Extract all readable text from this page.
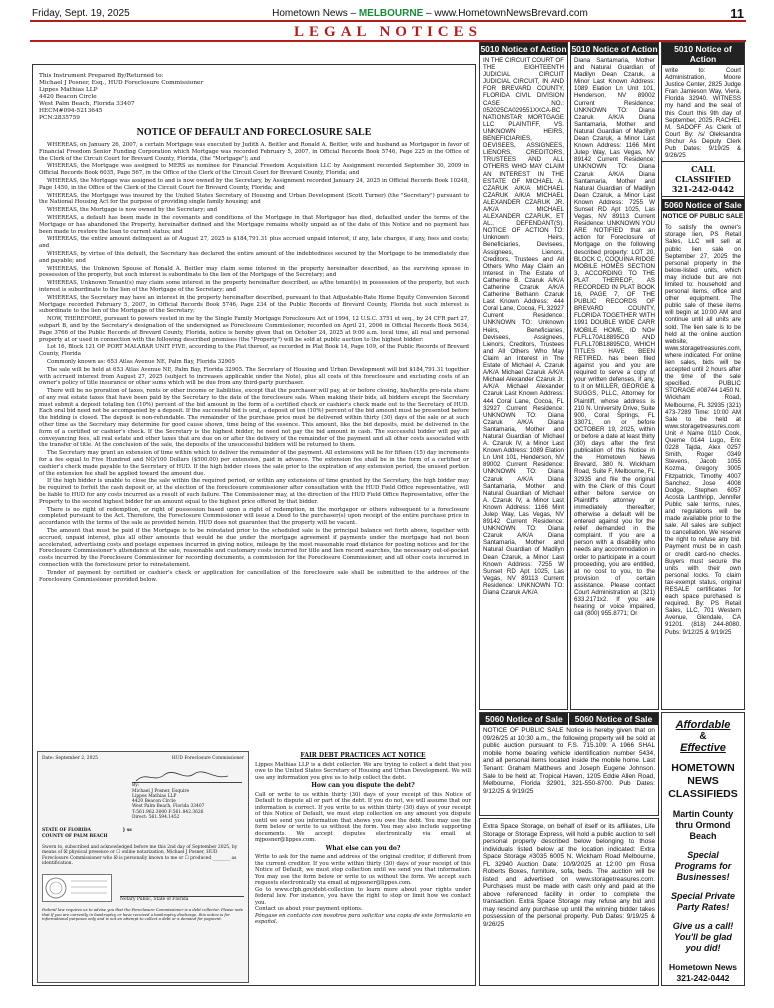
Friday, Sept. 19, 2025	Hometown News – MELBOURNE – www.HometownNewsBrevard.com	11
LEGAL NOTICES
This Instrument Prepared By/Returned to:
Michael J Posner, Esq., HUD Foreclosure Commissioner
Lippes Mathias LLP
4420 Beacon Circle
West Palm Beach, Florida 33407
HECM#094-5213645
PCN:2835759
NOTICE OF DEFAULT AND FORECLOSURE SALE

WHEREAS, on January 26, 2007, a certain Mortgage was executed by Judith A. Beitler and Ronald A. Beitler, wife and husband as Mortgagor in favor of Financial Freedom Senior Funding Corporation which Mortgage was recorded February 5, 2007, in Official Records Book 5746, Page 225 in the Office of the Clerk of the Circuit Court for Brevard County, Florida, (the "Mortgage"); and

WHEREAS, the Mortgage was assigned to MERS as nominee for Financial Freedom Acquisition LLC by Assignment recorded September 30, 2009 in Official Records Book 6035, Page 567, in the Office of the Clerk of the Circuit Court for Brevard County, Florida; and

WHEREAS, the Mortgage was assigned to and is now owned by the Secretary, by Assignment recorded January 24, 2025 in Official Records Book 10248, Page 1450, in the Office of the Clerk of the Circuit Court for Brevard County, Florida; and

WHEREAS, the Mortgage was insured by the United States Secretary of Housing and Urban Development (Scott Turner) (the "Secretary") pursuant to the National Housing Act for the purpose of providing single family housing; and

WHEREAS, the Mortgage is now owned by the Secretary; and

WHEREAS, a default has been made in the covenants and conditions of the Mortgage in that Mortgagor has died, defaulted under the terms of the Mortgage or has abandoned the Property, hereinafter defined and the Mortgage remains wholly unpaid as of the date of this Notice and no payment has been made to restore the loan to current status; and

WHEREAS, the entire amount delinquent as of August 27, 2025 is $184,791.31 plus accrued unpaid interest, if any, late charges, if any, fees and costs; and

WHEREAS, by virtue of this default, the Secretary has declared the entire amount of the indebtedness secured by the Mortgage to be immediately due and payable; and

WHEREAS, the Unknown Spouse of Ronald A. Beitler may claim some interest in the property hereinafter described, as the surviving spouse in possession of the property, but such interest is subordinate to the lien of the Mortgage of the Secretary; and

WHEREAS, Unknown Tenant(s) may claim some interest in the property hereinafter described, as a/the tenant(s) in possession of the property, but such interest is subordinate to the lien of the Mortgage of the Secretary; and

WHEREAS, the Secretary may have an interest in the property hereinafter described, pursuant to that Adjustable-Rate Home Equity Conversion Second Mortgage recorded February 5, 2007, in Official Records Book 5746, Page 234 of the Public Records of Brevard County, Florida but such interest is subordinate to the lien of the Mortgage of the Secretary;

NOW, THEREFORE, pursuant to powers vested in me by the Single Family Mortgage Foreclosure Act of 1994, 12 U.S.C. 3751 et seq., by 24 CFR part 27, subpart B, and by the Secretary's designation of the undersigned as Foreclosure Commissioner, recorded on April 21, 2006 in Official Records Book 5634, Page 3766 of the Public Records of Brevard County, Florida, notice is hereby given that on October 24, 2025 at 9:00 a.m. local time, all real and personal property at or used in connection with the following described premises (the "Property") will be sold at public auction to the highest bidder:

Lot 16, Block 121 OF PORT MALABAR UNIT FIVE, according to the Plat thereof, as recorded in Plat Book 14, Page 109, of the Public Records of Brevard County, Florida

Commonly known as: 653 Atlas Avenue NE, Palm Bay, Florida 32905

The sale will be held at 653 Atlas Avenue NE, Palm Bay, Florida 32905. The Secretary of Housing and Urban Development will bid $184,791.31 together with accrued interest from August 27, 2025 (subject to increases applicable under the Note), plus all costs of this foreclosure and excluding costs of an owner's policy of title insurance or other sums which will be due from any third-party purchaser.

There will be no proration of taxes, rents or other income or liabilities, except that the purchaser will pay, at or before closing, his/her/its pro-rata share of any real estate taxes that have been paid by the Secretary to the date of the foreclosure sale. When making their bids, all bidders except the Secretary must submit a deposit totaling ten (10%) percent of the bid amount in the form of a certified check or cashier's check made out to the Secretary of HUD. Each oral bid need not be accompanied by a deposit. If the successful bid is oral, a deposit of ten (10%) percent of the bid amount must be presented before the bidding is closed. The deposit is non-refundable. The remainder of the purchase price must be delivered within thirty (30) days of the sale or at such other time as the Secretary may determine for good cause shown, time being of the essence. This amount, like the bid deposits, must be delivered in the form of a certified or cashier's check. If the Secretary is the highest bidder, he need not pay the bid amount in cash. The successful bidder will pay all conveyancing fees, all real estate and other taxes that are due on or after the delivery of the remainder of the payment and all other costs associated with the transfer of title. At the conclusion of the sale, the deposits of the unsuccessful bidders will be returned to them.

The Secretary may grant an extension of time within which to deliver the remainder of the payment. All extensions will be for fifteen (15) day increments for a fee equal to Five Hundred and NO/100 Dollars ($500.00) per extension, paid in advance. The extension fee shall be in the form of a certified or cashier's check made payable to the Secretary of HUD. If the high bidder closes the sale prior to the expiration of any extension period, the unused portion of the extension fee shall be applied toward the amount due.

If the high bidder is unable to close the sale within the required period, or within any extensions of time granted by the Secretary, the high bidder may be required to forfeit the cash deposit or, at the election of the foreclosure commissioner after consultation with the HUD Field Office representative, will be liable to HUD for any costs incurred as a result of such failure. The Commissioner may, at the direction of the HUD Field Office Representative, offer the Property to the second highest bidder for an amount equal to the highest price offered by that bidder.

There is no right of redemption, or right of possession based upon a right of redemption, in the mortgagor or others subsequent to a foreclosure completed pursuant to the Act. Therefore, the Foreclosure Commissioner will issue a Deed to the purchaser(s) upon receipt of the entire purchase price in accordance with the terms of the sale as provided herein. HUD does not guarantee that the property will be vacant.

The amount that must be paid if the Mortgage is to be reinstated prior to the scheduled sale is the principal balance set forth above, together with accrued, unpaid interest, plus all other amounts that would be due under the mortgage agreement if payments under the mortgage had not been accelerated, advertising costs and postage expenses incurred in giving notice, mileage by the most reasonable road distance for posting notices and for the Foreclosure Commissioner's attendance at the sale, reasonable and customary costs incurred for title and lien record searches, the necessary out-of-pocket costs incurred by the Foreclosure Commissioner for recording documents, a commission for the Foreclosure Commissioner, and all other costs incurred in connection with the foreclosure prior to reinstatement.

Tender of payment by certified or cashier's check or application for cancellation of the foreclosure sale shall be submitted to the address of the Foreclosure Commissioner provided below.

Date: September 2, 2025	HUD Foreclosure Commissioner
By:
Michael J Posner, Esquire
Lippes Mathias LLP
4420 Beacon Circle
West Palm Beach, Florida 33407
T:561.962.3000 F:561.842.3626
Direct: 561.594.1452
STATE OF FLORIDA	} ss
COUNTY OF PALM BEACH
Sworn to, subscribed and acknowledged before me this 2nd day of September 2025, by means of ☒ physical presence or ☐ online notarization, Michael J Posner, HUD Foreclosure Commissioner who ☒ is personally known to me or ☐ produced ________ as identification.
Notary Public, State of Florida
Federal law requires us to advise you that the Foreclosure Commissioner is a debt collector. Please note that if you are currently in bankruptcy or have received a bankruptcy discharge, this notice is for informational purposes only and is not an attempt to collect a debt or a demand for payment.
FAIR DEBT PRACTICES ACT NOTICE

Lippes Mathias LLP is a debt collector. We are trying to collect a debt that you owe to the United States Secretary of Housing and Urban Development. We will use any information you give us to help collect the debt.

How can you dispute the debt?

Call or write to us within thirty (30) days of your receipt of this Notice of Default to dispute all or part of the debt. If you do not, we will assume that our information is correct. If you write to us within thirty (30) days of your receipt of this Notice of Default, we must stop collection on any amount you dispute until we send you information that shows you owe the debt. You may use the form below or write to us without the form. You may also include supporting documents. We accept disputes electronically via email at mjposner@lippes.com.

What else can you do?

Write to ask for the name and address of the original creditor, if different from the current creditor. If you write within thirty (30) days of your receipt of this Notice of Default, we must stop collection until we send you that information. You may use the form below or write to us without the form. We accept such requests electronically via email at mjposner@lippes.com.

Go to www.cfpb.gov/debt-collection to learn more about your rights under federal law. For instance, you have the right to stop or limit how we contact you.

Contact us about your payment options.

Póngase en contacto con nosotros para solicitar una copia de este formulario en español.

5010 Notice of Action
IN THE CIRCUIT COURT OF THE EIGHTEENTH JUDICIAL CIRCUIT JUDICIAL CIRCUIT, IN AND FOR BREVARD COUNTY, FLORIDA CIVIL DIVISION CASE NO.: 052025CA029551XXCA-BC NATIONSTAR MORTGAGE LLC PLAINTIFF, VS. UNKNOWN HEIRS, BENEFICIARIES, DEVISEES, ASSIGNEES, LIENORS, CREDITORS, TRUSTEES AND ALL OTHERS WHO MAY CLAIM AN INTEREST IN THE ESTATE OF MICHAEL A. CZARUK A/K/A MICHAEL CZARUK A/K/A MICHAEL ALEXANDER CZARUK JR. A/K/A MICHAEL ALEXANDER CZARUK, ET AL., DEFENDANT(S). NOTICE OF ACTION TO: Unknown Heirs, Beneficiaries, Devisees, Assignees, Lienors, Creditors, Trustees and All Others Who May Claim an Interest in The Estate of Catherine B. Czaruk A/K/A Catherine Czaruk A/K/A Catherine Bethann Czaruk Last Known Address: 444 Coral Lane, Cocoa, FL 32927 Current Residence: UNKNOWN TO: Unknown Heirs, Beneficiaries, Devisees, Assignees, Lienors, Creditors, Trustees and All Others Who May Claim an Interest in The Estate of Michael A. Czaruk A/K/A Michael Czaruk A/K/A Michael Alexander Czaruk Jr. A/K/A Michael Alexander Czaruk Last Known Address: 444 Coral Lane, Cocoa, FL 32927 Current Residence: UNKNOWN TO: Diana Czaruk A/K/A Diana Santamaria, Mother and Natural Guardian of Michael A. Czaruk IV, a Minor Last Known Address: 1089 Elation Ln Unit 101, Henderson, NV 89002 Current Residence: UNKNOWN TO: Diana Czaruk A/K/A Diana Santamaria, Mother and Natural Guardian of Michael A. Czaruk IV, a Minor Last Known Address: 1166 Mint Julep Way, Las Vegas, NV 89142 Current Residence: UNKNOWN TO: Diana Czaruk A/K/A Diana Santamaria, Mother and Natural Guardian of Madilyn Dean Czaruk, a Minor Last Known Address: 7255 W Sunset RD Apt 1025, Las Vegas, NV 89113 Current Residence: UNKNOWN TO: Diana Czaruk A/K/A
5010 Notice of Action
Diana Santamaria, Mother and Natural Guardian of Madilyn Dean Czaruk, a Minor Last Known Address: 1089 Elation Ln Unit 101, Henderson, NV 89002 Current Residence: UNKNOWN TO: Diana Czaruk A/K/A Diana Santamaria, Mother and Natural Guardian of Madilyn Dean Czaruk, a Minor Last Known Address: 1166 Mint Julep Way, Las Vegas, NV 89142 Current Residence: UNKNOWN TO: Diana Czaruk A/K/A Diana Santamaria, Mother and Natural Guardian of Madilyn Dean Czaruk, a Minor Last Known Address: 7255 W Sunset RD Apt 1025, Las Vegas, NV 89113 Current Residence: UNKNOWN YOU ARE NOTIFIED that an action for Foreclosure of Mortgage on the following described property: LOT 20, BLOCK C, COQUINA RIDGE MOBILE HOMES SECTION 3, ACCORDING TO THE PLAT THEREOF, AS RECORDED IN PLAT BOOK 16, PAGE 7, OF THE PUBLIC RECORDS OF BREVARD COUNTY, FLORIDA TOGETHER WITH 1991 DOUBLE WIDE CARR MOBILE HOME, ID NO# FLFLL70A18895CG AND FLFLL70B18895CG, WHICH TITLES HAVE BEEN RETIRED. has been filed against you and you are required to serve a copy of your written defenses, if any, to it on MILLER, GEORGE & SUGGS, PLLC, Attorney for Plaintiff, whose address is 210 N. University Drive, Suite 900, Coral Springs, FL 33071, on or before OCTOBER 19, 2025, within or before a date at least thirty (30) days after the first publication of this Notice in the Hometown News Brevard, 380 N. Wickham Road, Suite F, Melbourne, FL 32935 and file the original with the Clerk of this Court either before service on Plaintiff's attorney or immediately thereafter; otherwise a default will be entered against you for the relief demanded in the complaint. If you are a person with a disability who needs any accommodation in order to participate in a court proceeding, you are entitled, at no cost to you, to the provision of certain assistance. Please contact Court Administration at (321) 633.2171x2. If you are hearing or voice impaired, call (800) 955.8771; Or
5060 Notice of Sale	5060 Notice of Sale
NOTICE OF PUBLIC SALE Notice is hereby given that on 09/26/25 at 10:30 a.m., the following property will be sold at public auction pursuant to F.S. 715.109: A 1966 SHAL mobile home bearing vehicle identification number 5434, and all personal items located inside the mobile home. Last Tenant: Graham Matthews and Joseph Eugene Johnson. Sale to be held at: Tropical Haven, 1205 Eddie Allen Road, Melbourne, Florida 32901, 321-550-8700. Pub Dates: 9/12/25 & 9/19/25
Extra Space Storage, on behalf of itself or its affiliates, Life Storage or Storage Express, will hold a public auction to sell personal property described below belonging to those individuals listed below at the location indicated: Extra Space Storage #3035 6005 N. Wickham Road Melbourne, FL 32940 Auction Date: 10/9/2025 at 12:00 pm Rosa Roberts Boxes, furniture, sofa, beds. The auction will be listed and advertised on www.storagetreasures.com. Purchases must be made with cash only and paid at the above referenced facility in order to complete the transaction. Extra Space Storage may refuse any bid and may rescind any purchase up until the winning bidder takes possession of the personal property. Pub Dates: 9/19/25 & 9/26/25
5010 Notice of Action
write to: Court Administration, Moore Justice Center, 2825 Judge Fran Jamieson Way, Viera, Florida 32940. WITNESS my hand and the seal of this Court this 9th day of September, 2025. RACHEL M. SADOFF As Clerk of Court By: /s/ Oleksandra Shchur As Deputy Clerk Pub Dates: 9/19/25 & 9/26/25
CALL CLASSIFIED
321-242-0442
5060 Notice of Sale
NOTICE OF PUBLIC SALE
To satisfy the owner's storage lien, PS Retail Sales, LLC will sell at public lien sale on September 27, 2025 the personal property in the below-listed units, which may include but are not limited to: household and personal items, office and other equipment. The public sale of these items will begin at 10:00 AM and continue until all units are sold. The lien sale is to be held at the online auction website, www.storagetreasures.com, where indicated. For online lien sales, bids will be accepted until 2 hours after the time of the sale specified. PUBLIC STORAGE #08744 1450 N. Wickham Road, Melbourne, FL 32935 (321) 473-7289 Time: 10:00 AM Sale to be held at www.storagetreasures.com Unit # Name 0110 Cook, Queme 0144 Lugo, Eric 0228 Tajda, Alex 0257 Smith, Roger 0349 Stevens, Jacob 1055 Kozma, Gregory 3005 Fitzpatrick, Timothy 4007 Sanchez, Jose 4008 Dodge, Stephen 6057 Acosta Lanthripp, Jennifer Public sale terms, rules, and regulations will be made available prior to the sale. All sales are subject to cancellation. We reserve the right to refuse any bid. Payment must be in cash or credit card-no checks. Buyers must secure the units with their own personal locks. To claim tax-exempt status, original RESALE certificates for each space purchased is required. By: PS Retail Sales, LLC, 701 Western Avenue, Glendale, CA 91201. (818) 244-8080. Pubs: 9/12/25 & 9/19/25
Affordable
&
Effective
HOMETOWN NEWS CLASSIFIEDS
Martin County thru Ormond Beach
Special Programs for Businesses!
Special Private Party Rates!
Give us a call! You'll be glad you did!
Hometown News 321-242-0442
